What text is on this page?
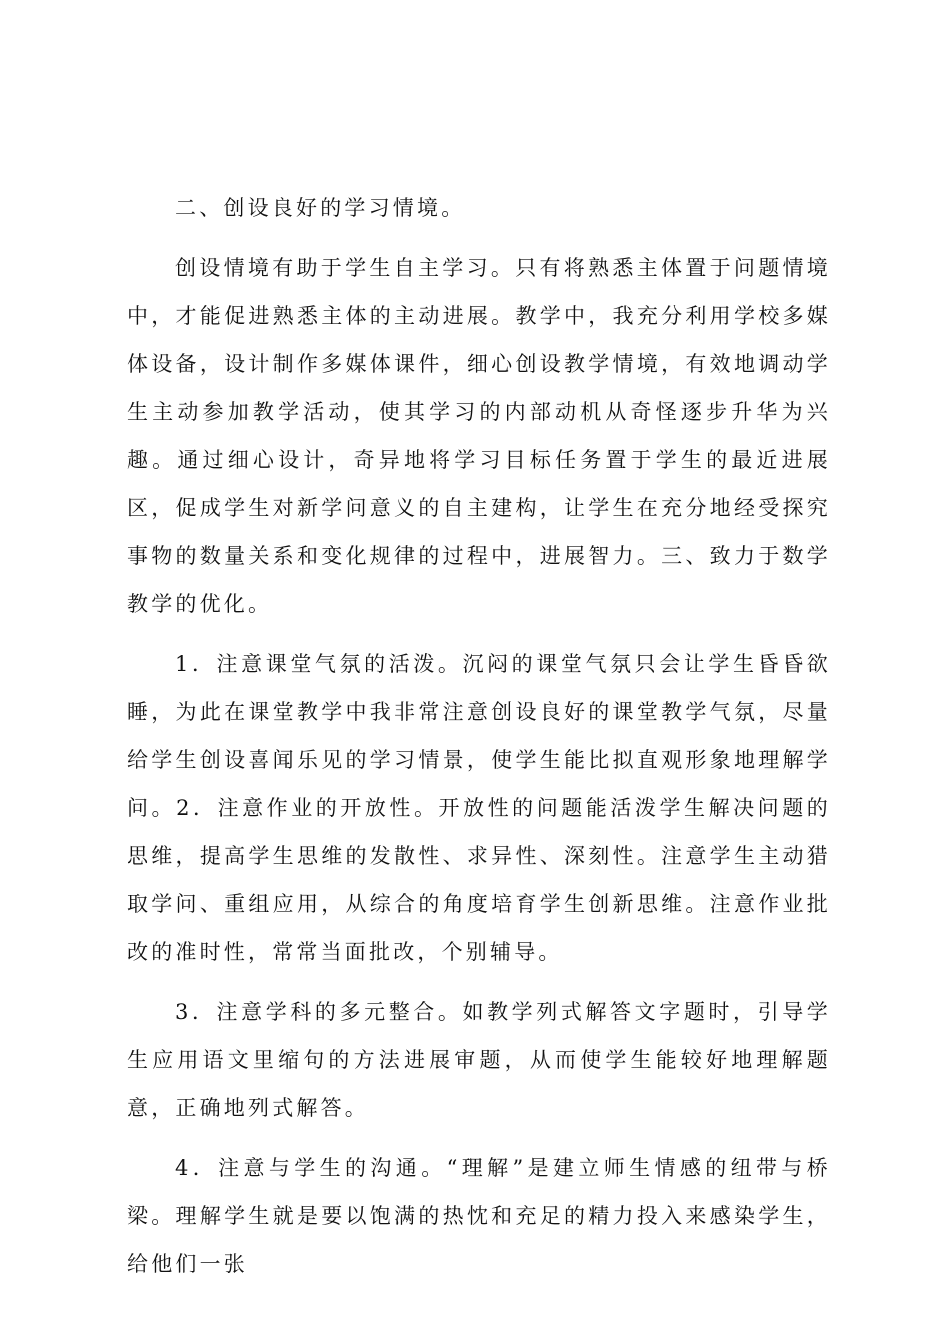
二、创设良好的学习情境。

创设情境有助于学生自主学习。只有将熟悉主体置于问题情境中，才能促进熟悉主体的主动进展。教学中，我充分利用学校多媒体设备，设计制作多媒体课件，细心创设教学情境，有效地调动学生主动参加教学活动，使其学习的内部动机从奇怪逐步升华为兴趣。通过细心设计，奇异地将学习目标任务置于学生的最近进展区，促成学生对新学问意义的自主建构，让学生在充分地经受探究事物的数量关系和变化规律的过程中，进展智力。三、致力于数学教学的优化。

1．注意课堂气氛的活泼。沉闷的课堂气氛只会让学生昏昏欲睡，为此在课堂教学中我非常注意创设良好的课堂教学气氛，尽量给学生创设喜闻乐见的学习情景，使学生能比拟直观形象地理解学问。2．注意作业的开放性。开放性的问题能活泼学生解决问题的思维，提高学生思维的发散性、求异性、深刻性。注意学生主动猎取学问、重组应用，从综合的角度培育学生创新思维。注意作业批改的准时性，常常当面批改，个别辅导。

3．注意学科的多元整合。如教学列式解答文字题时，引导学生应用语文里缩句的方法进展审题，从而使学生能较好地理解题意，正确地列式解答。

4．注意与学生的沟通。“理解”是建立师生情感的纽带与桥梁。理解学生就是要以饱满的热忱和充足的精力投入来感染学生，给他们一张
